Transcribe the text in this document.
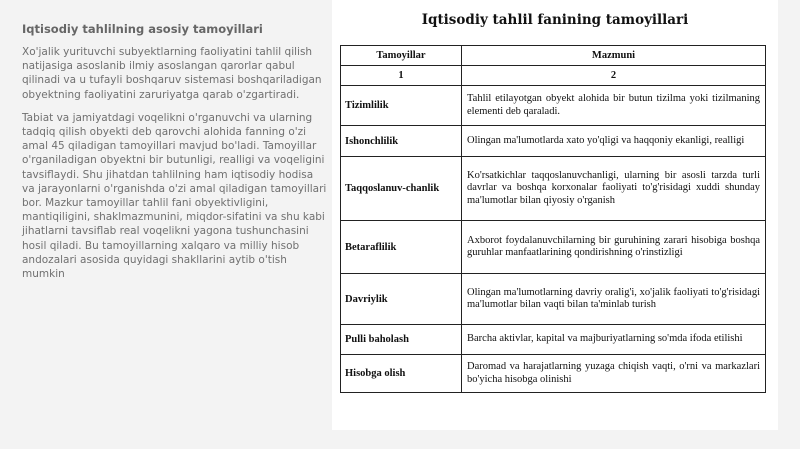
Iqtisodiy tahlilning asosiy tamoyillari

Xo'jalik yurituvchi subyektlarning faoliyatini tahlil qilish natijasiga asoslanib ilmiy asoslangan qarorlar qabul qilinadi va u tufayli boshqaruv sistemasi boshqariladigan obyektning faoliyatini zaruriyatga qarab o'zgartiradi.

Tabiat va jamiyatdagi voqelikni o'rganuvchi va ularning tadqiq qilish obyekti deb qarovchi alohida fanning o'zi amal 45 qiladigan tamoyillari mavjud bo'ladi. Tamoyillar o'rganiladigan obyektni bir butunligi, realligi va voqeligini tavsiflaydi. Shu jihatdan tahlilning ham iqtisodiy hodisa va jarayonlarni o'rganishda o'zi amal qiladigan tamoyillari bor. Mazkur tamoyillar tahlil fani obyektivligini, mantiqiligini, shaklmazmunini, miqdor-sifatini va shu kabi jihatlarni tavsiflab real voqelikni yagona tushunchasini hosil qiladi. Bu tamoyillarning xalqaro va milliy hisob andozalari asosida quyidagi shakllarini aytib o'tish mumkin

Iqtisodiy tahlil fanining tamoyillari
Tamoyillar	Mazmuni
1	2
Tizimlilik	Tahlil etilayotgan obyekt alohida bir butun tizilma yoki tizilmaning elementi deb qaraladi.
Ishonchlilik	Olingan ma'lumotlarda xato yo'qligi va haqqoniy ekanligi, realligi
Taqqoslanuv-chanlik	Ko'rsatkichlar taqqoslanuvchanligi, ularning bir asosli tarzda turli davrlar va boshqa korxonalar faoliyati to'g'risidagi xuddi shunday ma'lumotlar bilan qiyosiy o'rganish
Betaraflilik	Axborot foydalanuvchilarning bir guruhining zarari hisobiga boshqa guruhlar manfaatlarining qondirishning o'rinstizligi
Davriylik	Olingan ma'lumotlarning davriy oralig'i, xo'jalik faoliyati to'g'risidagi ma'lumotlar bilan vaqti bilan ta'minlab turish
Pulli baholash	Barcha aktivlar, kapital va majburiyatlarning so'mda ifoda etilishi
Hisobga olish	Daromad va harajatlarning yuzaga chiqish vaqti, o'rni va markazlari bo'yicha hisobga olinishi
